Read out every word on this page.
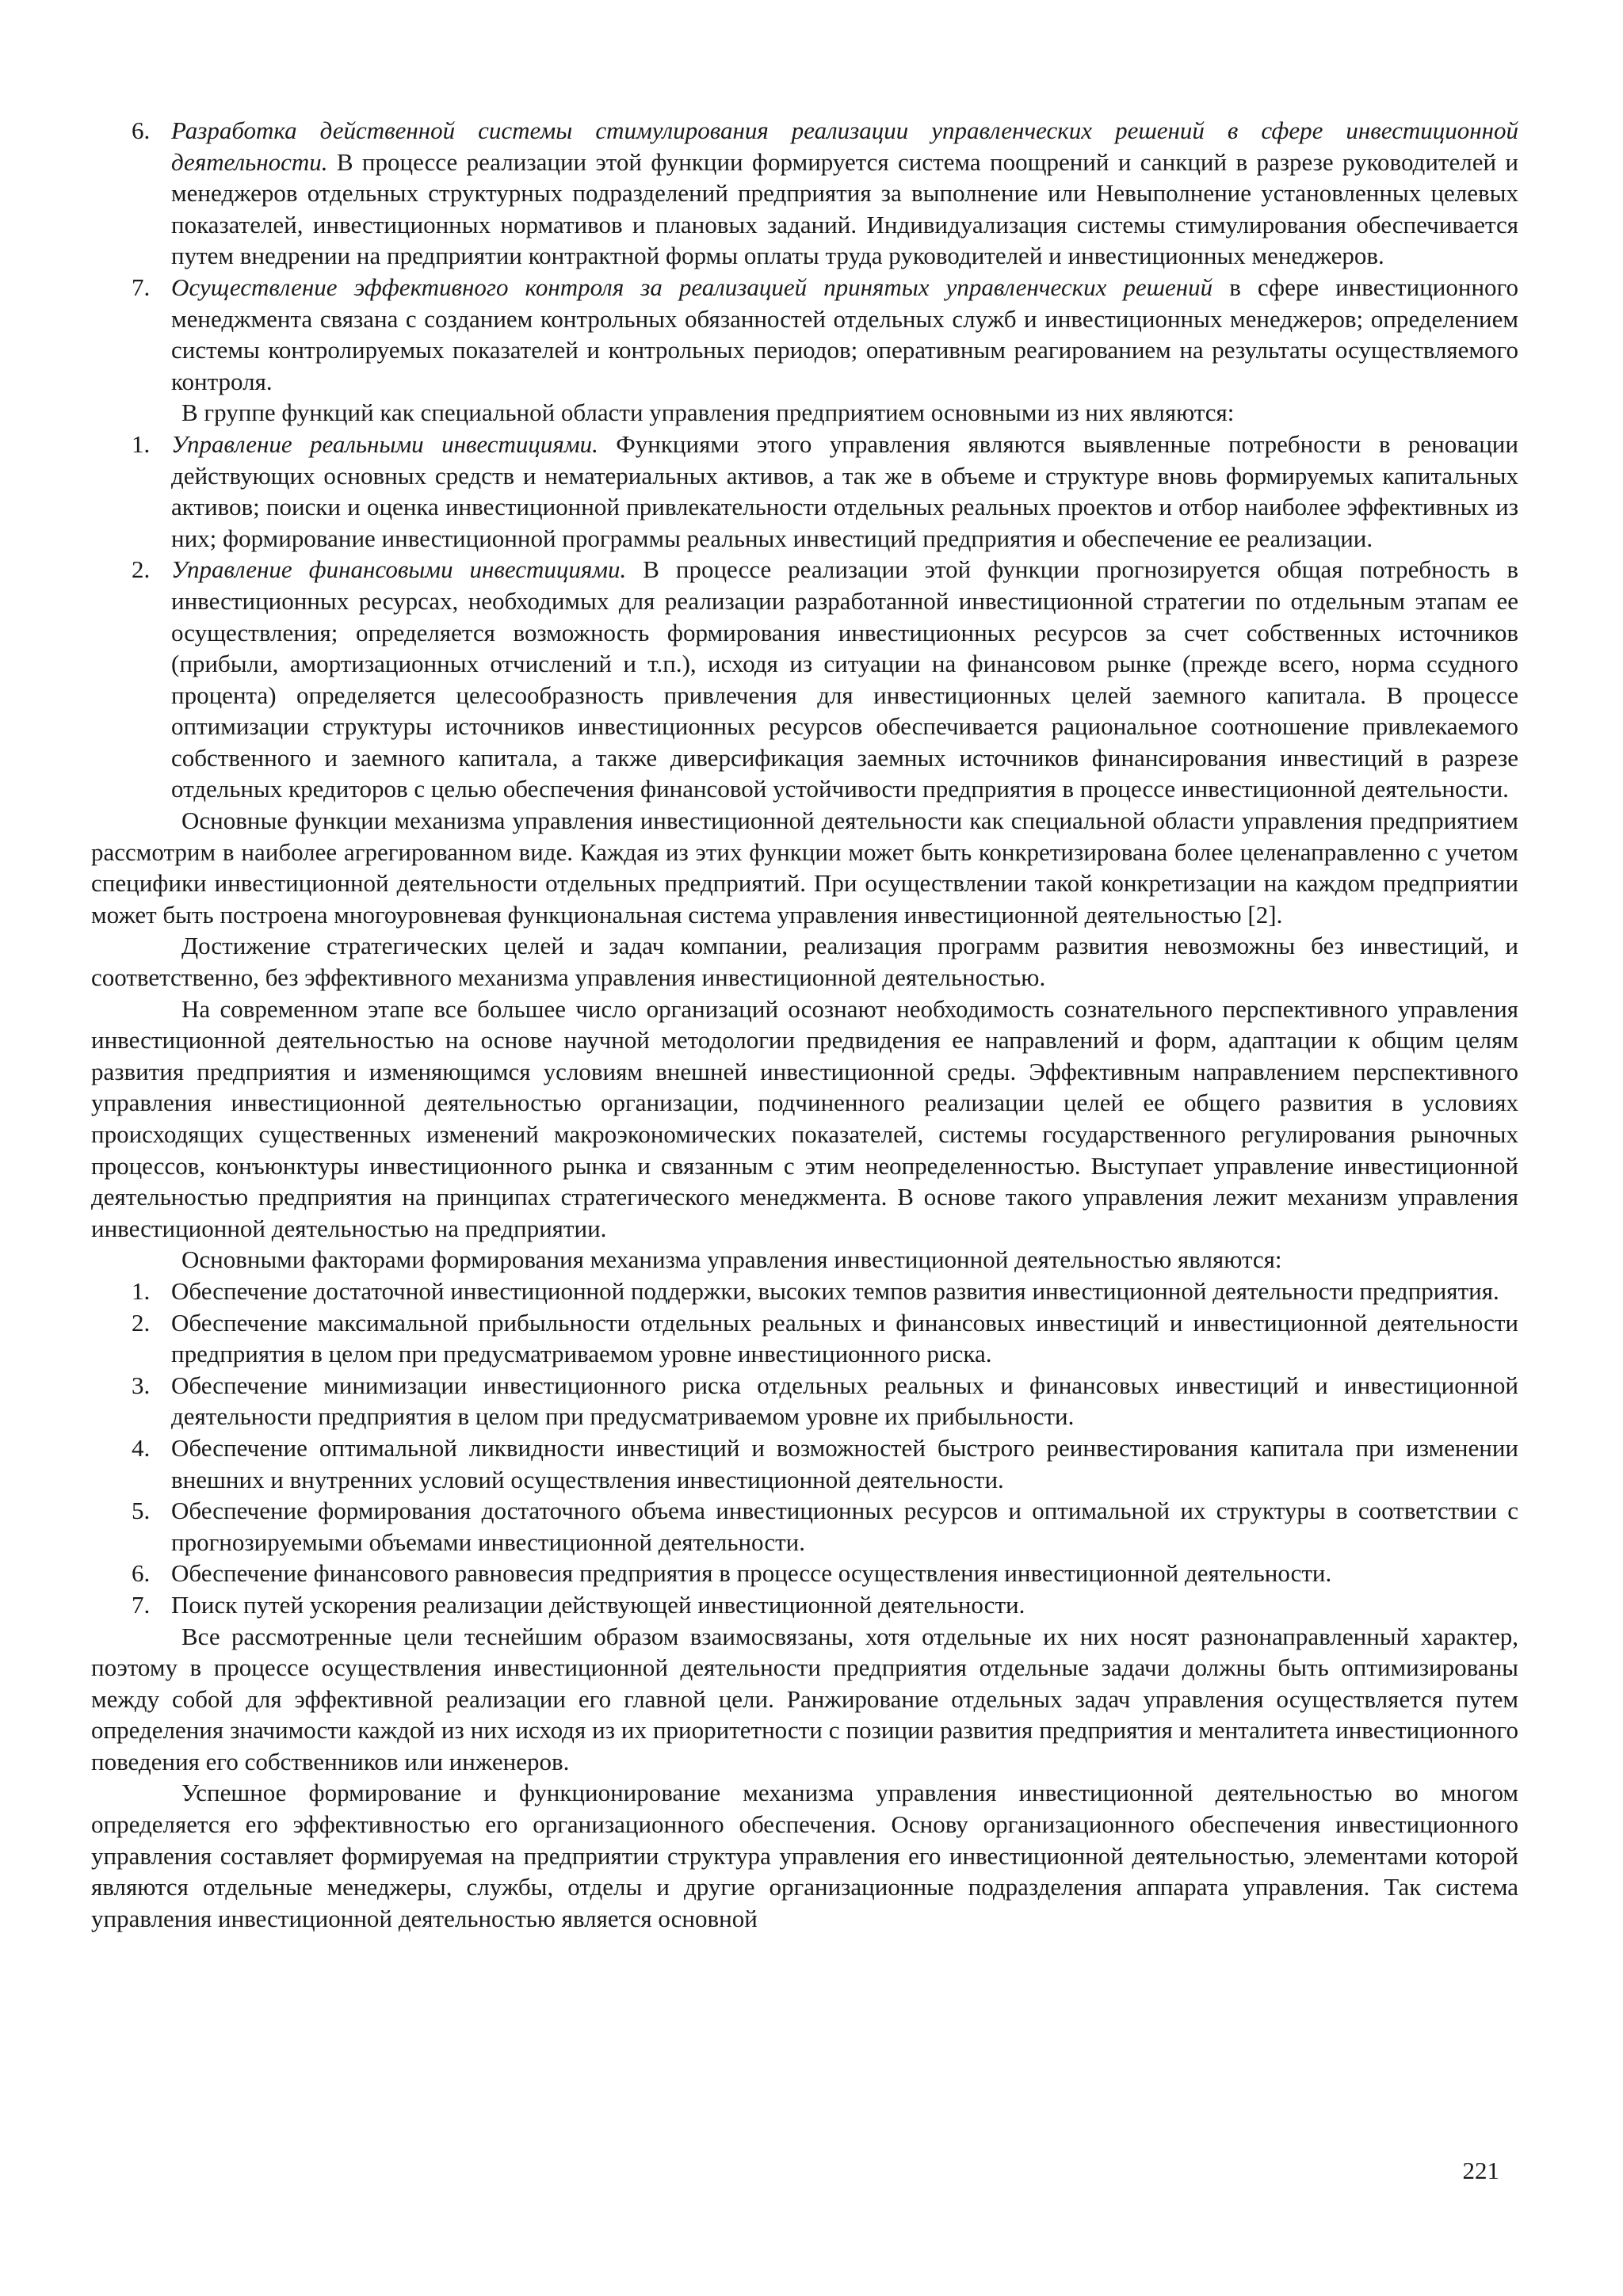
6. Разработка действенной системы стимулирования реализации управленческих решений в сфере инвестиционной деятельности. В процессе реализации этой функции формируется система поощрений и санкций в разрезе руководителей и менеджеров отдельных структурных подразделений предприятия за выполнение или Невыполнение установленных целевых показателей, инвестиционных нормативов и плановых заданий. Индивидуализация системы стимулирования обеспечивается путем внедрении на предприятии контрактной формы оплаты труда руководителей и инвестиционных менеджеров.
7. Осуществление эффективного контроля за реализацией принятых управленческих решений в сфере инвестиционного менеджмента связана с созданием контрольных обязанностей отдельных служб и инвестиционных менеджеров; определением системы контролируемых показателей и контрольных периодов; оперативным реагированием на результаты осуществляемого контроля.

В группе функций как специальной области управления предприятием основными из них являются:

1. Управление реальными инвестициями. Функциями этого управления являются выявленные потребности в реновации действующих основных средств и нематериальных активов, а так же в объеме и структуре вновь формируемых капитальных активов; поиски и оценка инвестиционной привлекательности отдельных реальных проектов и отбор наиболее эффективных из них; формирование инвестиционной программы реальных инвестиций предприятия и обеспечение ее реализации.
2. Управление финансовыми инвестициями. В процессе реализации этой функции прогнозируется общая потребность в инвестиционных ресурсах, необходимых для реализации разработанной инвестиционной стратегии по отдельным этапам ее осуществления; определяется возможность формирования инвестиционных ресурсов за счет собственных источников (прибыли, амортизационных отчислений и т.п.), исходя из ситуации на финансовом рынке (прежде всего, норма ссудного процента) определяется целесообразность привлечения для инвестиционных целей заемного капитала. В процессе оптимизации структуры источников инвестиционных ресурсов обеспечивается рациональное соотношение привлекаемого собственного и заемного капитала, а также диверсификация заемных источников финансирования инвестиций в разрезе отдельных кредиторов с целью обеспечения финансовой устойчивости предприятия в процессе инвестиционной деятельности.

Основные функции механизма управления инвестиционной деятельности как специальной области управления предприятием рассмотрим в наиболее агрегированном виде. Каждая из этих функции может быть конкретизирована более целенаправленно с учетом специфики инвестиционной деятельности отдельных предприятий. При осуществлении такой конкретизации на каждом предприятии может быть построена многоуровневая функциональная система управления инвестиционной деятельностью [2].

Достижение стратегических целей и задач компании, реализация программ развития невозможны без инвестиций, и соответственно, без эффективного механизма управления инвестиционной деятельностью.

На современном этапе все большее число организаций осознают необходимость сознательного перспективного управления инвестиционной деятельностью на основе научной методологии предвидения ее направлений и форм, адаптации к общим целям развития предприятия и изменяющимся условиям внешней инвестиционной среды. Эффективным направлением перспективного управления инвестиционной деятельностью организации, подчиненного реализации целей ее общего развития в условиях происходящих существенных изменений макроэкономических показателей, системы государственного регулирования рыночных процессов, конъюнктуры инвестиционного рынка и связанным с этим неопределенностью. Выступает управление инвестиционной деятельностью предприятия на принципах стратегического менеджмента. В основе такого управления лежит механизм управления инвестиционной деятельностью на предприятии.

Основными факторами формирования механизма управления инвестиционной деятельностью являются:

1. Обеспечение достаточной инвестиционной поддержки, высоких темпов развития инвестиционной деятельности предприятия.
2. Обеспечение максимальной прибыльности отдельных реальных и финансовых инвестиций и инвестиционной деятельности предприятия в целом при предусматриваемом уровне инвестиционного риска.
3. Обеспечение минимизации инвестиционного риска отдельных реальных и финансовых инвестиций и инвестиционной деятельности предприятия в целом при предусматриваемом уровне их прибыльности.
4. Обеспечение оптимальной ликвидности инвестиций и возможностей быстрого реинвестирования капитала при изменении внешних и внутренних условий осуществления инвестиционной деятельности.
5. Обеспечение формирования достаточного объема инвестиционных ресурсов и оптимальной их структуры в соответствии с прогнозируемыми объемами инвестиционной деятельности.
6. Обеспечение финансового равновесия предприятия в процессе осуществления инвестиционной деятельности.
7. Поиск путей ускорения реализации действующей инвестиционной деятельности.

Все рассмотренные цели теснейшим образом взаимосвязаны, хотя отдельные их них носят разнонаправленный характер, поэтому в процессе осуществления инвестиционной деятельности предприятия отдельные задачи должны быть оптимизированы между собой для эффективной реализации его главной цели. Ранжирование отдельных задач управления осуществляется путем определения значимости каждой из них исходя из их приоритетности с позиции развития предприятия и менталитета инвестиционного поведения его собственников или инженеров.

Успешное формирование и функционирование механизма управления инвестиционной деятельностью во многом определяется его эффективностью его организационного обеспечения. Основу организационного обеспечения инвестиционного управления составляет формируемая на предприятии структура управления его инвестиционной деятельностью, элементами которой являются отдельные менеджеры, службы, отделы и другие организационные подразделения аппарата управления. Так система управления инвестиционной деятельностью является основной

221
